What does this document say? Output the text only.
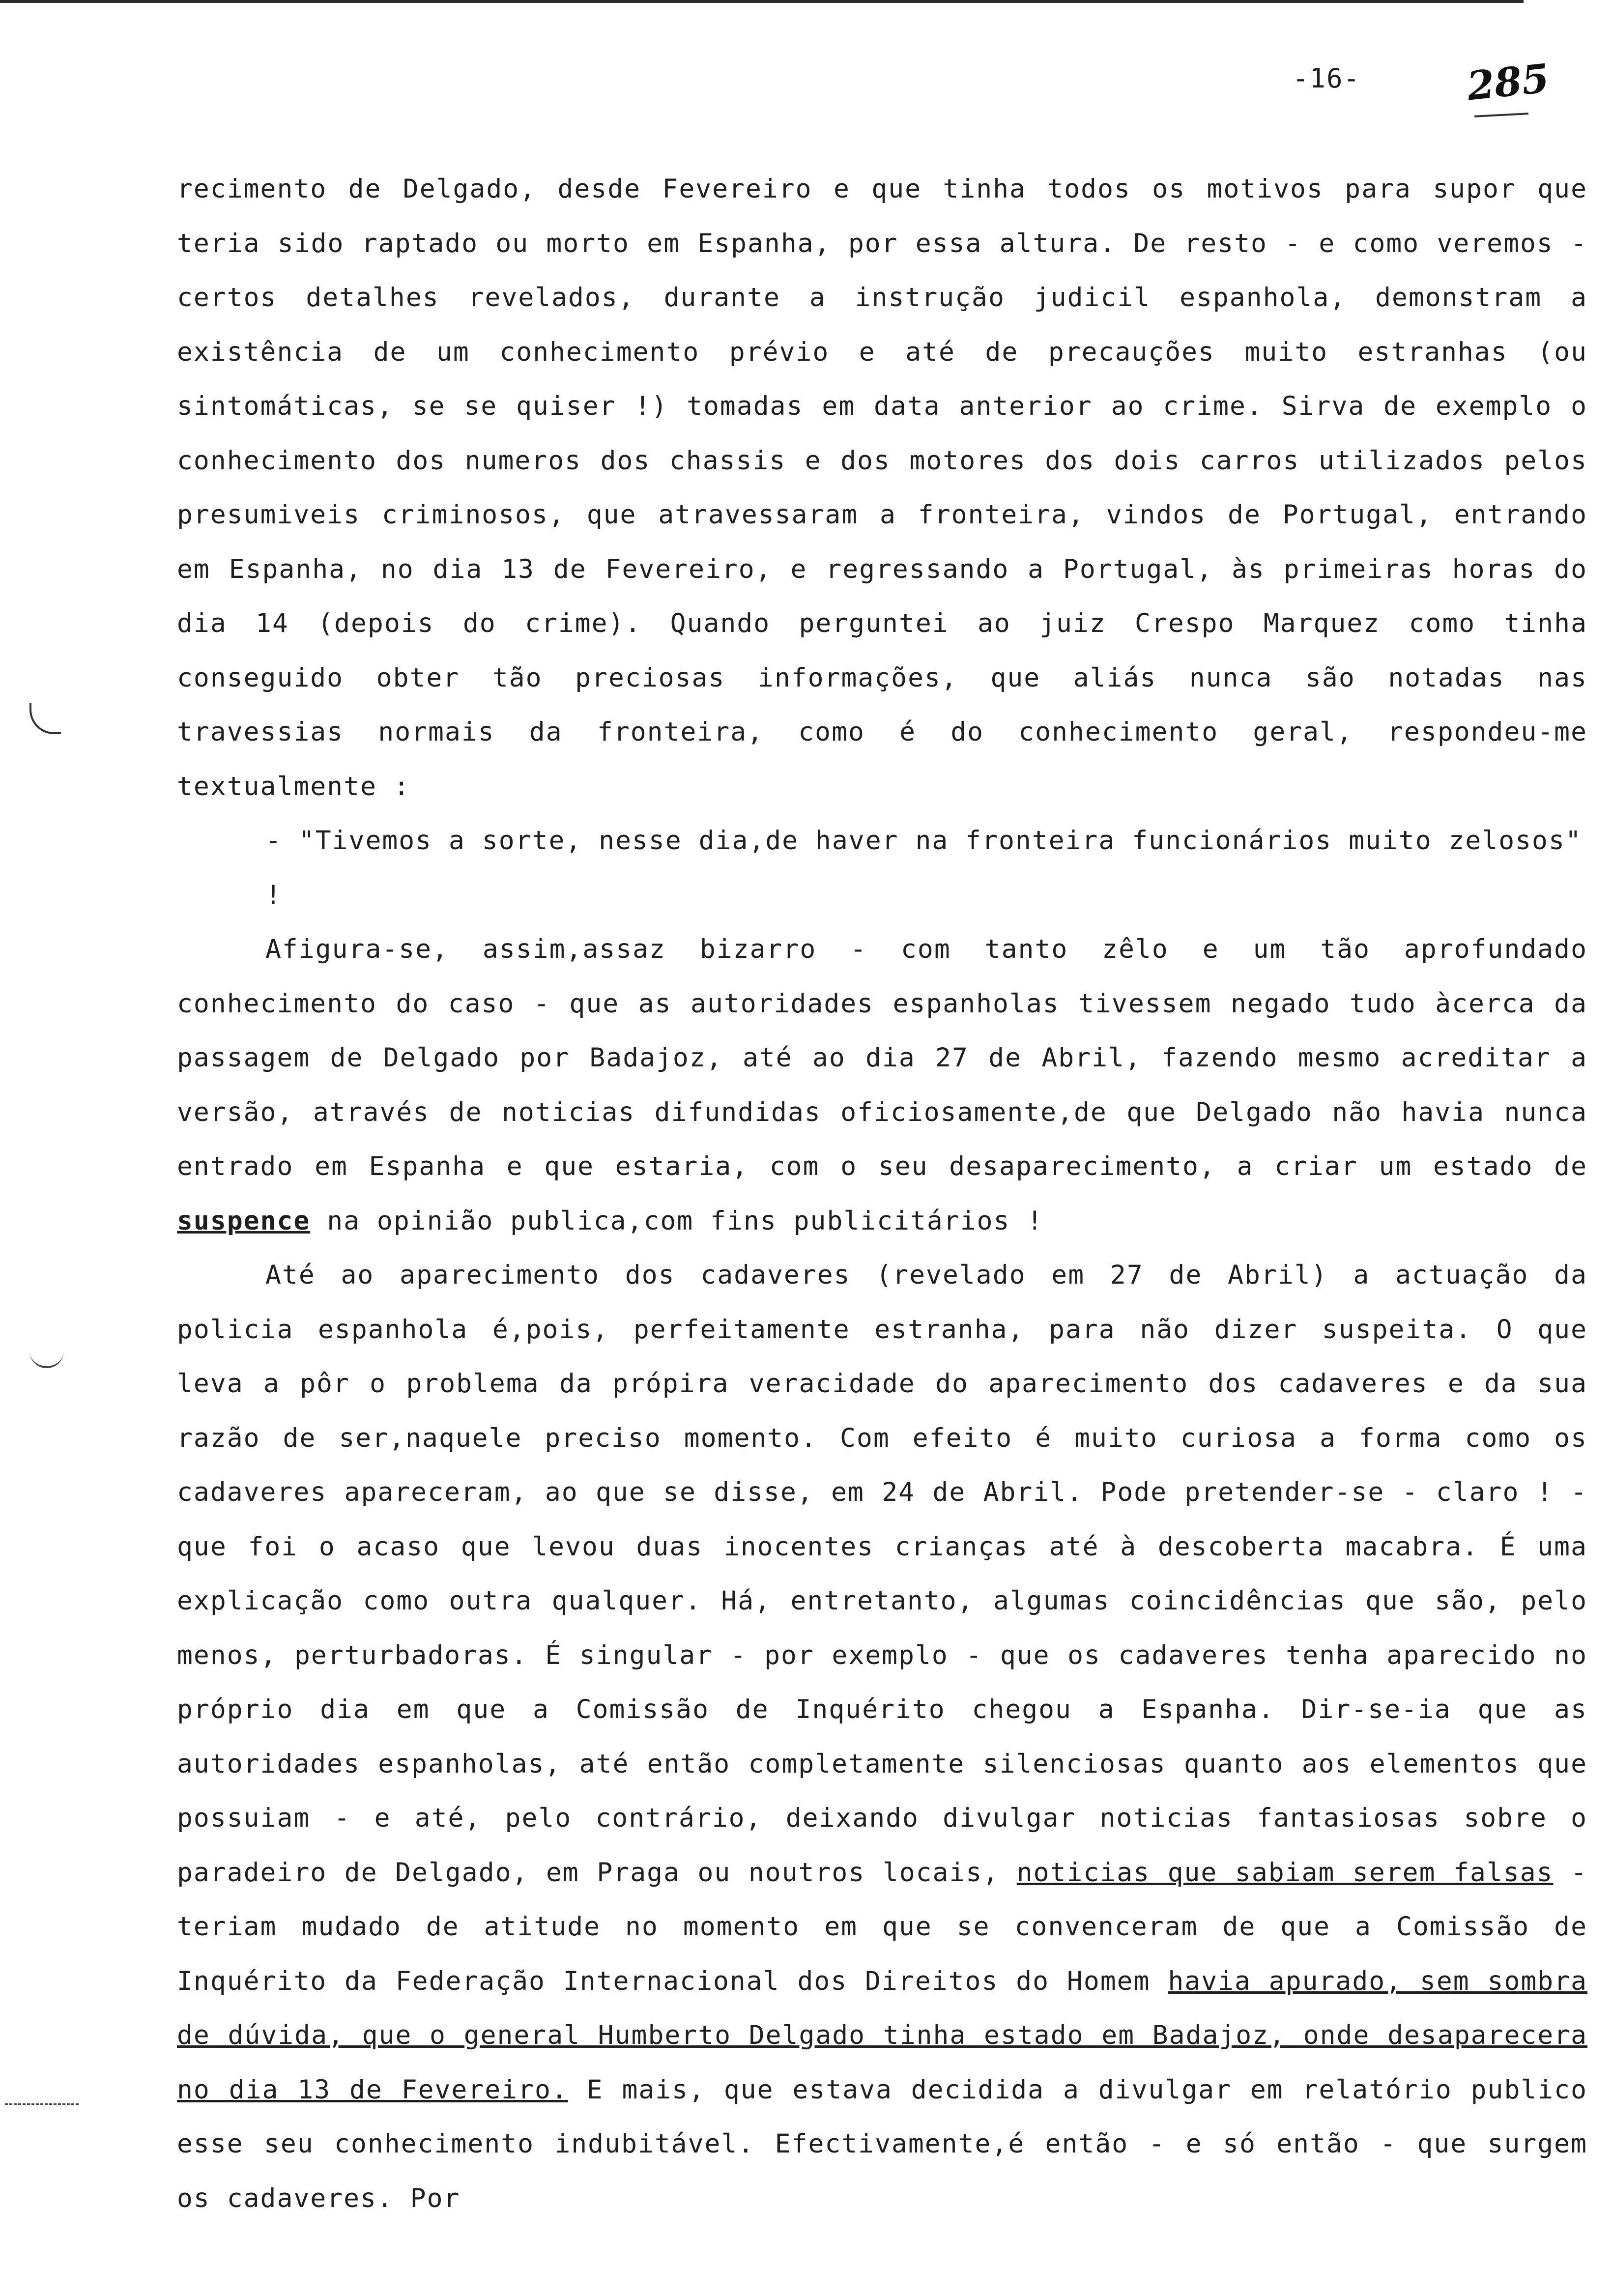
-16-	285

recimento de Delgado, desde Fevereiro e que tinha todos os motivos para supor que teria sido raptado ou morto em Espanha, por essa altura. De resto - e como veremos - certos detalhes revelados, durante a instrução judicil espanhola, demonstram a existência de um conhecimento prévio e até de precauções muito estranhas (ou sintomáticas, se se quiser !) tomadas em data anterior ao crime. Sirva de exemplo o conhecimento dos numeros dos chassis e dos motores dos dois carros utilizados pelos presumiveis criminosos, que atravessaram a fronteira, vindos de Portugal, entrando em Espanha, no dia 13 de Fevereiro, e regressando a Portugal, às primeiras horas do dia 14 (depois do crime). Quando perguntei ao juiz Crespo Marquez como tinha conseguido obter tão preciosas informações, que aliás nunca são notadas nas travessias normais da fronteira, como é do conhecimento geral, respondeu-me textualmente :

- "Tivemos a sorte, nesse dia,de haver na fronteira funcionários muito zelosos" !

Afigura-se, assim,assaz bizarro - com tanto zêlo e um tão aprofundado conhecimento do caso - que as autoridades espanholas tivessem negado tudo àcerca da passagem de Delgado por Badajoz, até ao dia 27 de Abril, fazendo mesmo acreditar a versão, através de noticias difundidas oficiosamente,de que Delgado não havia nunca entrado em Espanha e que estaria, com o seu desaparecimento, a criar um estado de suspence na opinião publica,com fins publicitários !

Até ao aparecimento dos cadaveres (revelado em 27 de Abril) a actuação da policia espanhola é,pois, perfeitamente estranha, para não dizer suspeita. O que leva a pôr o problema da própira veracidade do aparecimento dos cadaveres e da sua razão de ser,naquele preciso momento. Com efeito é muito curiosa a forma como os cadaveres apareceram, ao que se disse, em 24 de Abril. Pode pretender-se - claro ! - que foi o acaso que levou duas inocentes crianças até à descoberta macabra. É uma explicação como outra qualquer. Há, entretanto, algumas coincidências que são, pelo menos, perturbadoras. É singular - por exemplo - que os cadaveres tenha aparecido no próprio dia em que a Comissão de Inquérito chegou a Espanha. Dir-se-ia que as autoridades espanholas, até então completamente silenciosas quanto aos elementos que possuiam - e até, pelo contrário, deixando divulgar noticias fantasiosas sobre o paradeiro de Delgado, em Praga ou noutros locais, noticias que sabiam serem falsas - teriam mudado de atitude no momento em que se convenceram de que a Comissão de Inquérito da Federação Internacional dos Direitos do Homem havia apurado, sem sombra de dúvida, que o general Humberto Delgado tinha estado em Badajoz, onde desaparecera no dia 13 de Fevereiro. E mais, que estava decidida a divulgar em relatório publico esse seu conhecimento indubitável. Efectivamente,é então - e só então - que surgem os cadaveres. Por
